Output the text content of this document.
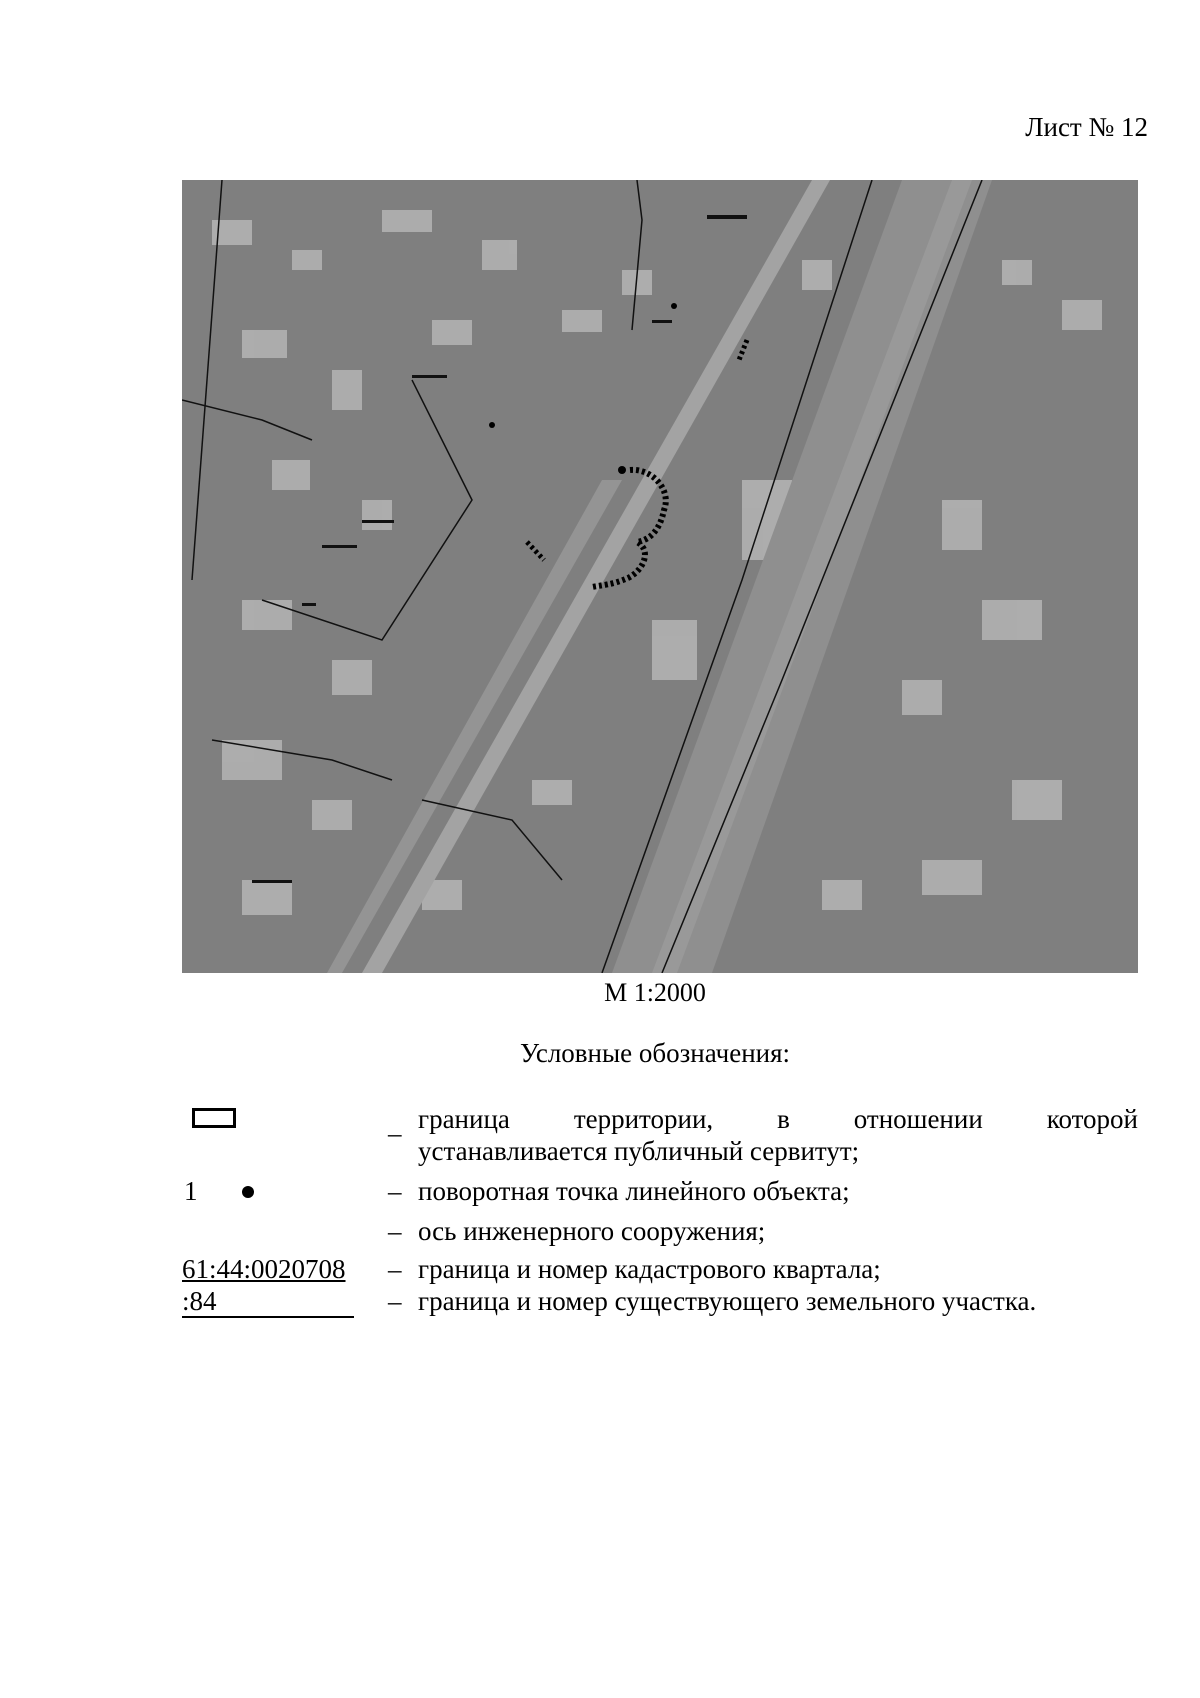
Лист № 12
М 1:2000
Условные обозначения:
– граница территории, в отношении которой
устанавливается публичный сервитут;
1	– поворотная точка линейного объекта;
– ось инженерного сооружения;
61:44:0020708 – граница и номер кадастрового квартала;
:84	– граница и номер существующего земельного участка.
